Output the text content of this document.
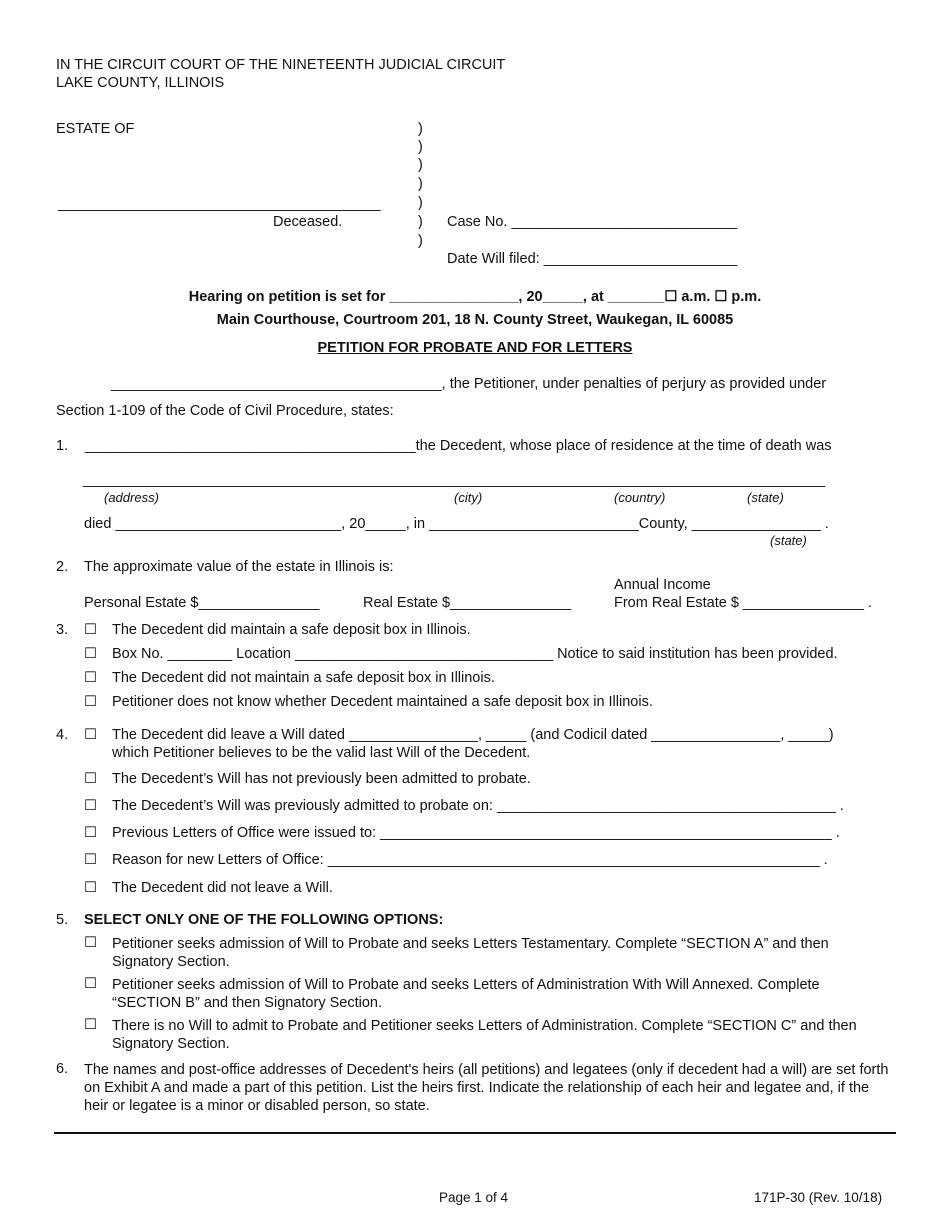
IN THE CIRCUIT COURT OF THE NINETEENTH JUDICIAL CIRCUIT
LAKE COUNTY, ILLINOIS
ESTATE OF
________________________________________
Deceased.
)
)
)
)
)
)
)
Case No. ____________________________
Date Will filed: ________________________
Hearing on petition is set for ________________, 20_____, at _______☐ a.m. ☐ p.m.
Main Courthouse, Courtroom 201, 18 N. County Street, Waukegan, IL 60085
PETITION FOR PROBATE AND FOR LETTERS
_________________________________________, the Petitioner, under penalties of perjury as provided under
Section 1-109 of the Code of Civil Procedure, states:
1. _________________________________________the Decedent, whose place of residence at the time of death was
____________________________________________________________________________________________
(address)	(city)	(country)	(state)
died ____________________________, 20_____, in __________________________County, ________________ .
(state)
2. The approximate value of the estate in Illinois is:
Annual Income
Personal Estate $_______________	Real Estate $_______________	From Real Estate $ _______________ .
3. ☐ The Decedent did maintain a safe deposit box in Illinois.
☐ Box No. ________ Location ________________________________ Notice to said institution has been provided.
☐ The Decedent did not maintain a safe deposit box in Illinois.
☐ Petitioner does not know whether Decedent maintained a safe deposit box in Illinois.
4. ☐ The Decedent did leave a Will dated ________________, _____ (and Codicil dated ________________, _____)
which Petitioner believes to be the valid last Will of the Decedent.
☐ The Decedent’s Will has not previously been admitted to probate.
☐ The Decedent’s Will was previously admitted to probate on: __________________________________________ .
☐ Previous Letters of Office were issued to: ________________________________________________________ .
☐ Reason for new Letters of Office: _____________________________________________________________ .
☐ The Decedent did not leave a Will.
5. SELECT ONLY ONE OF THE FOLLOWING OPTIONS:
☐ Petitioner seeks admission of Will to Probate and seeks Letters Testamentary. Complete “SECTION A” and then Signatory Section.
☐ Petitioner seeks admission of Will to Probate and seeks Letters of Administration With Will Annexed. Complete “SECTION B” and then Signatory Section.
☐ There is no Will to admit to Probate and Petitioner seeks Letters of Administration. Complete “SECTION C” and then Signatory Section.
6. The names and post-office addresses of Decedent's heirs (all petitions) and legatees (only if decedent had a will) are set forth on Exhibit A and made a part of this petition. List the heirs first. Indicate the relationship of each heir and legatee and, if the heir or legatee is a minor or disabled person, so state.
Page 1 of 4	171P-30 (Rev. 10/18)
